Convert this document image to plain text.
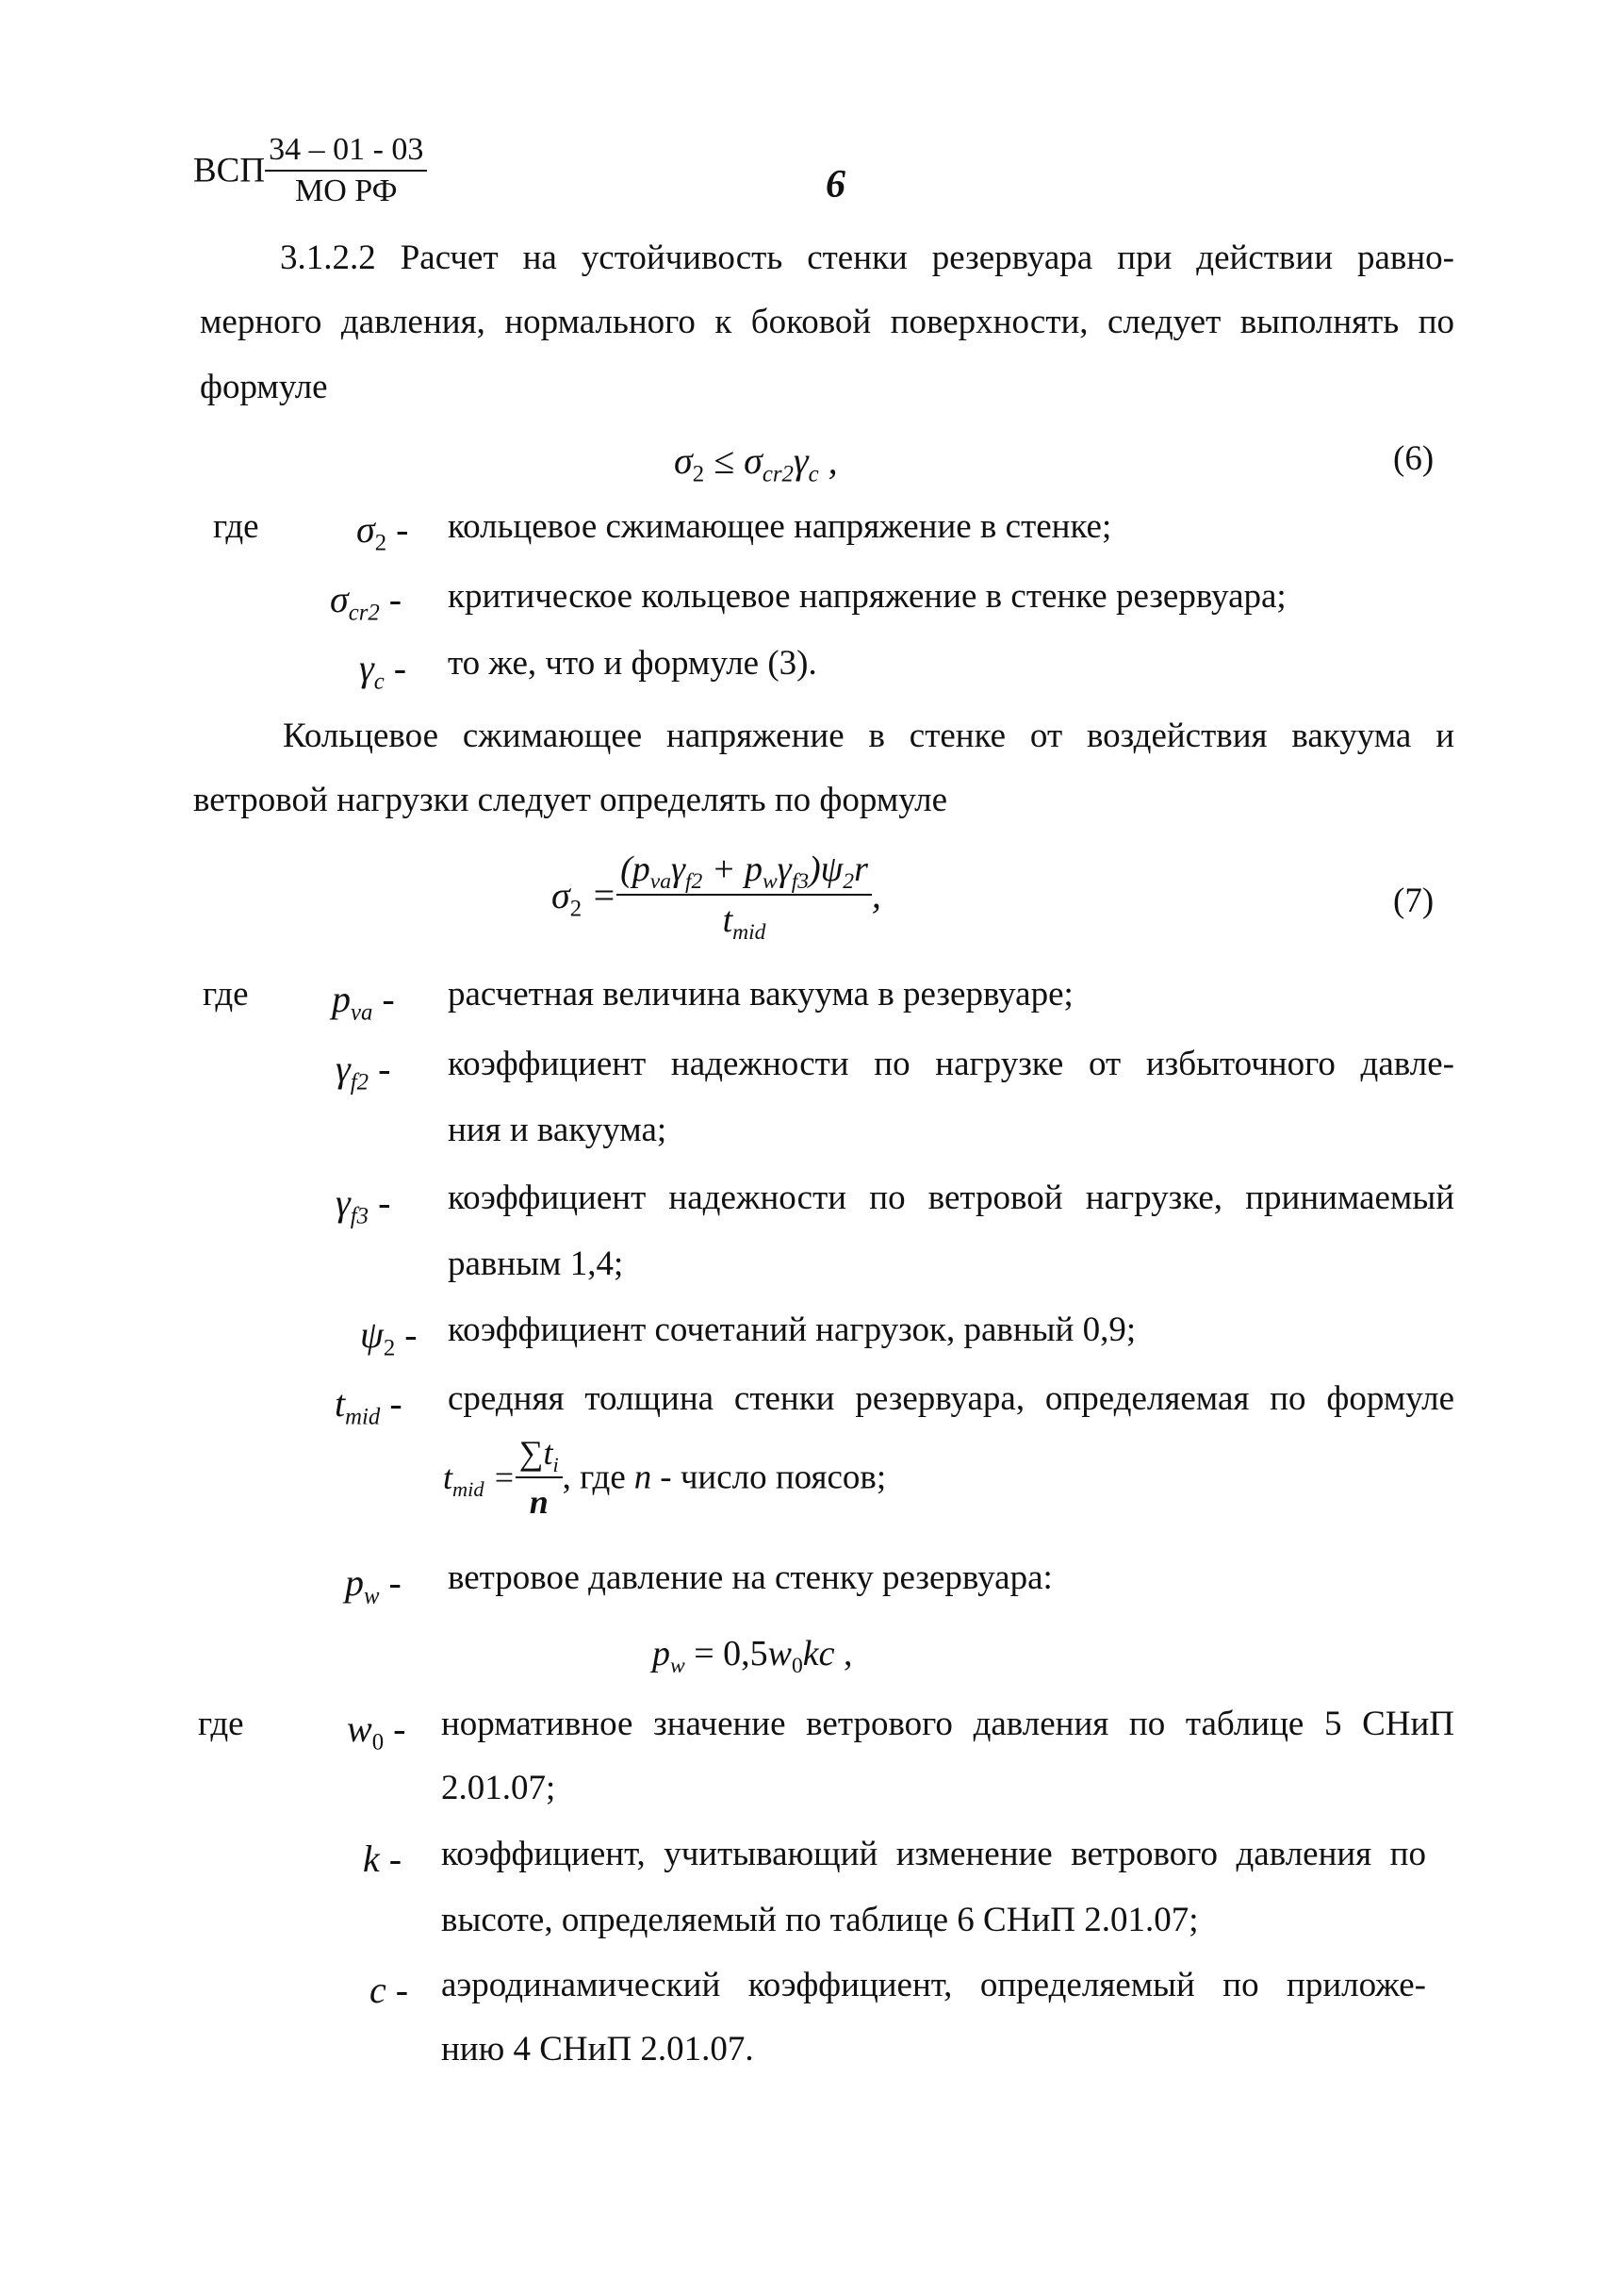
ВСП $\frac{34 - 01 - 03}{\text{МО РФ}}$	6
3.1.2.2 Расчет на устойчивость стенки резервуара при действии равно-
мерного давления, нормального к боковой поверхности, следует выполнять по
формуле
$\sigma_2 \le \sigma_{cr2}\gamma_c$ ,	(6)
где	$\sigma_2$ - кольцевое сжимающее напряжение в стенке;
$\sigma_{cr2}$ - критическое кольцевое напряжение в стенке резервуара;
$\gamma_c$ - то же, что и формуле (3).
Кольцевое сжимающее напряжение в стенке от воздействия вакуума и
ветровой нагрузки следует определять по формуле
$\sigma_2 = \frac{(p_{va}\gamma_{f2} + p_w\gamma_{f3})\psi_2r}{t_{mid}}$ ,	(7)
где $p_{va}$ - расчетная величина вакуума в резервуаре;
$\gamma_{f2}$ - коэффициент надежности по нагрузке от избыточного давле-
ния и вакуума;
$\gamma_{f3}$ - коэффициент надежности по ветровой нагрузке, принимаемый
равным 1,4;
$\psi_2$ - коэффициент сочетаний нагрузок, равный 0,9;
$t_{mid}$ - средняя толщина стенки резервуара, определяемая по формуле
$t_{mid} = \frac{\sum t_i}{n}$ , где n - число поясов;
$p_w$ - ветровое давление на стенку резервуара:
$p_w = 0,5w_0kc$ ,
где	$w_0$ - нормативное значение ветрового давления по таблице 5 СНиП
2.01.07;
k - коэффициент, учитывающий изменение ветрового давления по
высоте, определяемый по таблице 6 СНиП 2.01.07;
c - аэродинамический коэффициент, определяемый по приложе-
нию 4 СНиП 2.01.07.
